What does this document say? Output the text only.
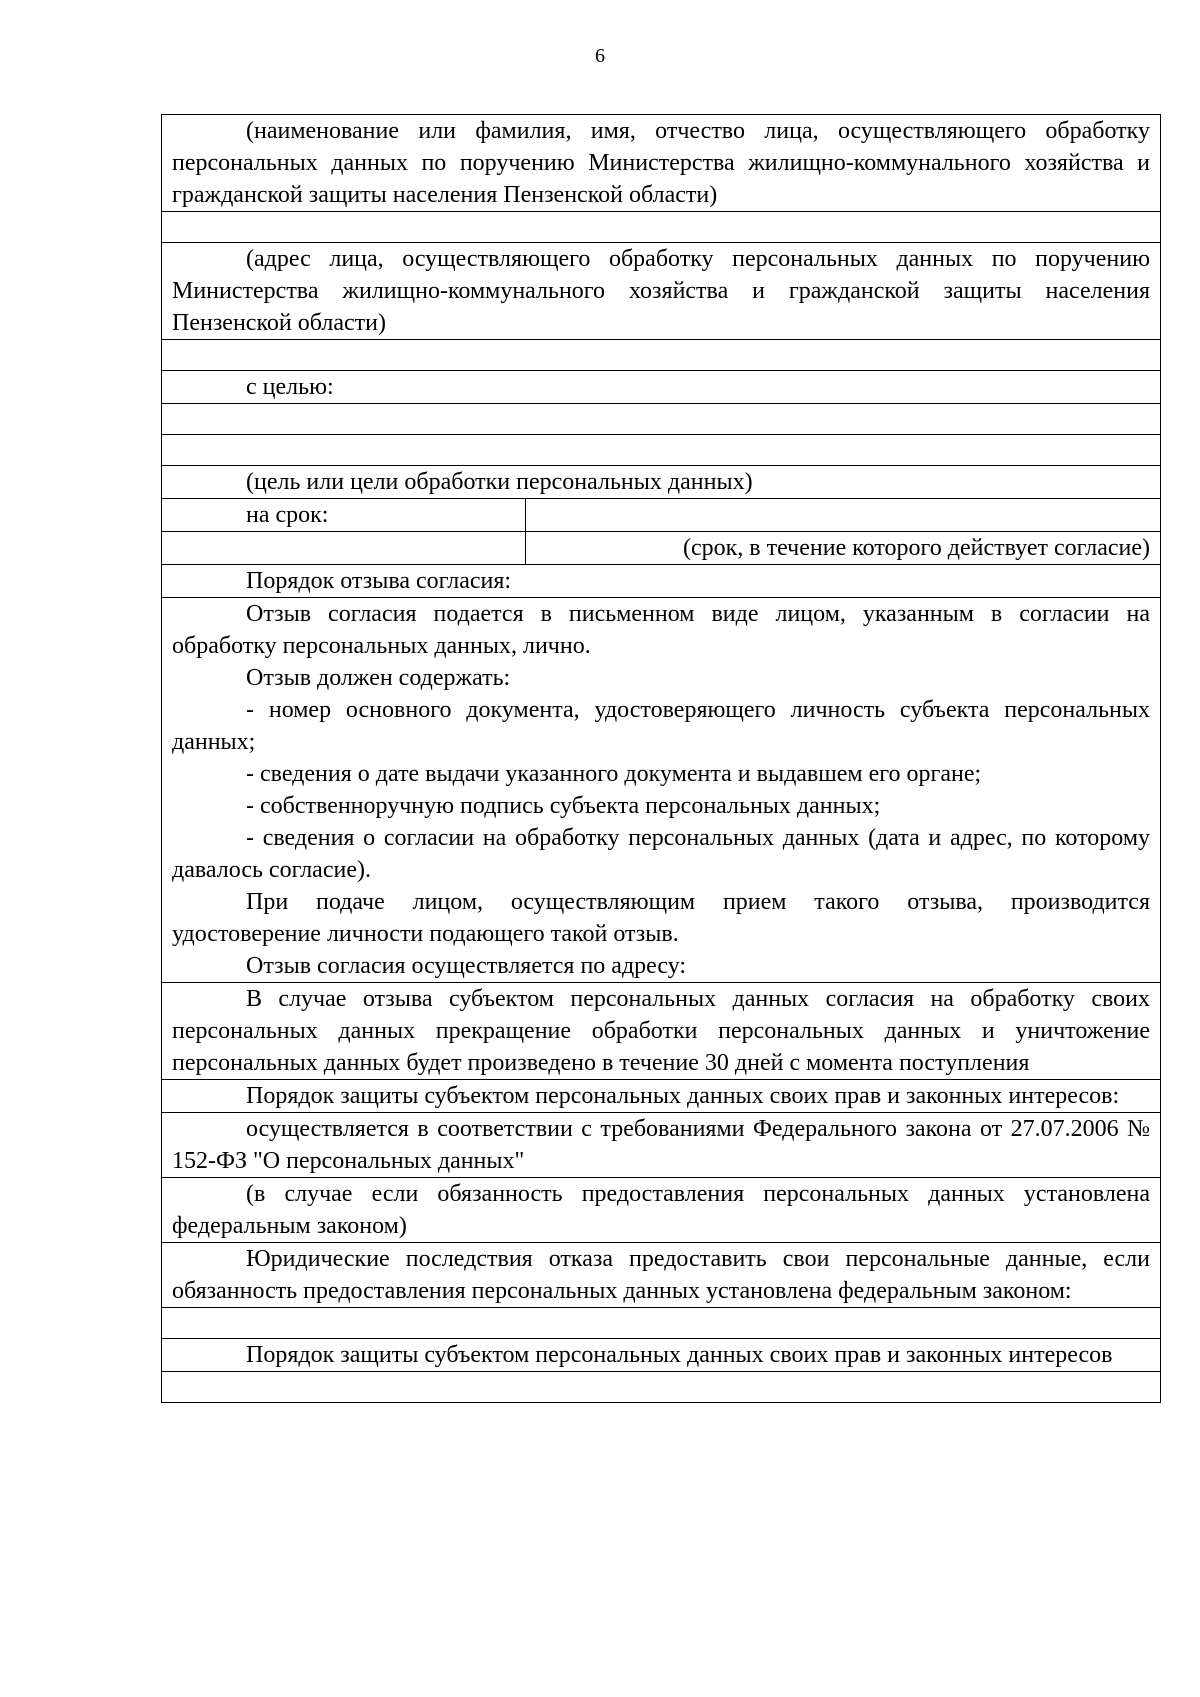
6

(наименование или фамилия, имя, отчество лица, осуществляющего обработку персональных данных по поручению Министерства жилищно-коммунального хозяйства и гражданской защиты населения Пензенской области)

(адрес лица, осуществляющего обработку персональных данных по поручению Министерства жилищно-коммунального хозяйства и гражданской защиты населения Пензенской области)

с целью:

(цель или цели обработки персональных данных)

на срок:

(срок, в течение которого действует согласие)

Порядок отзыва согласия:

Отзыв согласия подается в письменном виде лицом, указанным в согласии на обработку персональных данных, лично.

Отзыв должен содержать:

- номер основного документа, удостоверяющего личность субъекта персональных данных;

- сведения о дате выдачи указанного документа и выдавшем его органе;

- собственноручную подпись субъекта персональных данных;

- сведения о согласии на обработку персональных данных (дата и адрес, по которому давалось согласие).

При подаче лицом, осуществляющим прием такого отзыва, производится удостоверение личности подающего такой отзыв.

Отзыв согласия осуществляется по адресу:

В случае отзыва субъектом персональных данных согласия на обработку своих персональных данных прекращение обработки персональных данных и уничтожение персональных данных будет произведено в течение 30 дней с момента поступления

Порядок защиты субъектом персональных данных своих прав и законных интересов:

осуществляется в соответствии с требованиями Федерального закона от 27.07.2006 № 152-ФЗ "О персональных данных"

(в случае если обязанность предоставления персональных данных установлена федеральным законом)

Юридические последствия отказа предоставить свои персональные данные, если обязанность предоставления персональных данных установлена федеральным законом:

Порядок защиты субъектом персональных данных своих прав и законных интересов
